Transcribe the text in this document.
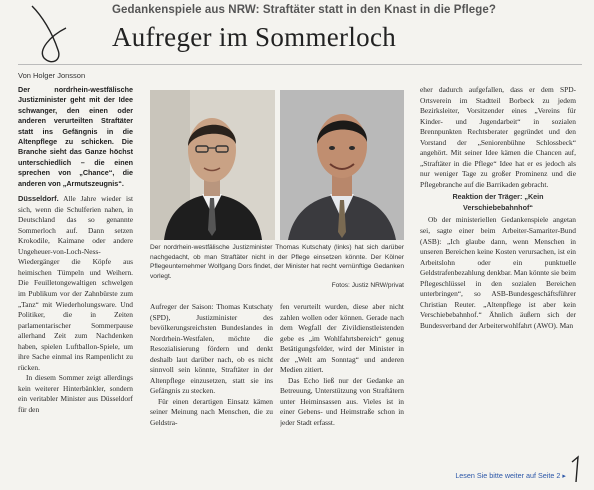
Gedankenspiele aus NRW: Straftäter statt in den Knast in die Pflege?
Aufreger im Sommerloch
Von Holger Jonsson

Der nordrhein-westfälische Justizminister geht mit der Idee schwanger, den einen oder anderen verurteilten Straftäter statt ins Gefängnis in die Altenpflege zu schicken. Die Branche sieht das Ganze höchst unterschiedlich – die einen sprechen von „Chance“, die anderen von „Armutszeugnis“.

Düsseldorf. Alle Jahre wieder ist sich, wenn die Schulferien nahen, in Deutschland das so genannte Sommerloch auf. Dann setzen Krokodile, Kaimane oder andere Ungeheuer-von-Loch-Ness-Wiedergänger die Köpfe aus heimischen Tümpeln und Weihern. Die Feuilletongewaltigen schwelgen im Publikum vor der Zahnbürste zum „Tanz“ mit Wiederholungsware. Und Politiker, die in Zeiten parlamentarischer Sommerpause allerhand Zeit zum Nachdenken haben, spielen Luftballon-Spiele, um ihre Sache einmal ins Rampenlicht zu rücken.

In diesem Sommer zeigt allerdings kein weiterer Hinterbänkler, sondern ein veritabler Minister aus Düsseldorf für den

Der nordrhein-westfälische Justizminister Thomas Kutschaty (links) hat sich darüber nachgedacht, ob man Straftäter nicht in der Pflege einsetzen könnte. Der Kölner Pflegeunternehmer Wolfgang Dors findet, der Minister hat recht vernünftige Gedanken vorlegt.
Fotos: Justiz NRW/privat

Aufreger der Saison: Thomas Kutschaty (SPD), Justizminister des bevölkerungsreichsten Bundeslandes in Nordrhein-Westfalen, möchte die Resozialisierung fördern und denkt deshalb laut darüber nach, ob es nicht sinnvoll sein könnte, Straftäter in der Altenpflege einzusetzen, statt sie ins Gefängnis zu stecken.

Für einen derartigen Einsatz kämen seiner Meinung nach Menschen, die zu Geldstra-

fen verurteilt wurden, diese aber nicht zahlen wollen oder können. Gerade nach dem Wegfall der Zivildienstleistenden gebe es „im Wohlfahrtsbereich“ genug Betätigungsfelder, wird der Minister in der „Welt am Sonntag“ und anderen Medien zitiert.

Das Echo ließ nur der Gedanke an Betreuung, Unterstützung von Straftätern unter Heiminsassen aus. Vieles ist in einer Gebens- und Heimstraße schon in jeder Stadt erfasst.

eher dadurch aufgefallen, dass er dem SPD-Ortsverein im Stadtteil Borbeck zu jedem Bezirksleiter, Vorsitzender eines „Vereins für Kinder- und Jugendarbeit“ in sozialen Brennpunkten Rechtsberater gegründet und den Vorstand der „Seniorenbühne Schlossbeck“ angehört. Mit seiner Idee kämen die Chancen auf, „Straftäter in die Pflege“ Idee hat er es jedoch als nur weniger Tage zu großer Prominenz und die Pflegebranche auf die Barrikaden gebracht.

Reaktion der Träger: „Kein Verschiebebahnhof“

Ob der ministeriellen Gedankenspiele angetan sei, sagte einer beim Arbeiter-Samariter-Bund (ASB): „Ich glaube dann, wenn Menschen in unseren Bereichen keine Kosten verursachen, ist ein Arbeitslohn oder ein punktuelle Geldstrafenbezahlung denkbar. Man könnte sie beim Pflegeschlüssel in den sozialen Bereichen unterbringen“, so ASB-Bundesgeschäftsführer Christian Reuter. „Altenpflege ist aber kein Verschiebebahnhof.“ Ähnlich äußern sich der Bundesverband der Arbeiterwohlfahrt (AWO). Man

Lesen Sie bitte weiter auf Seite 2 ▸
